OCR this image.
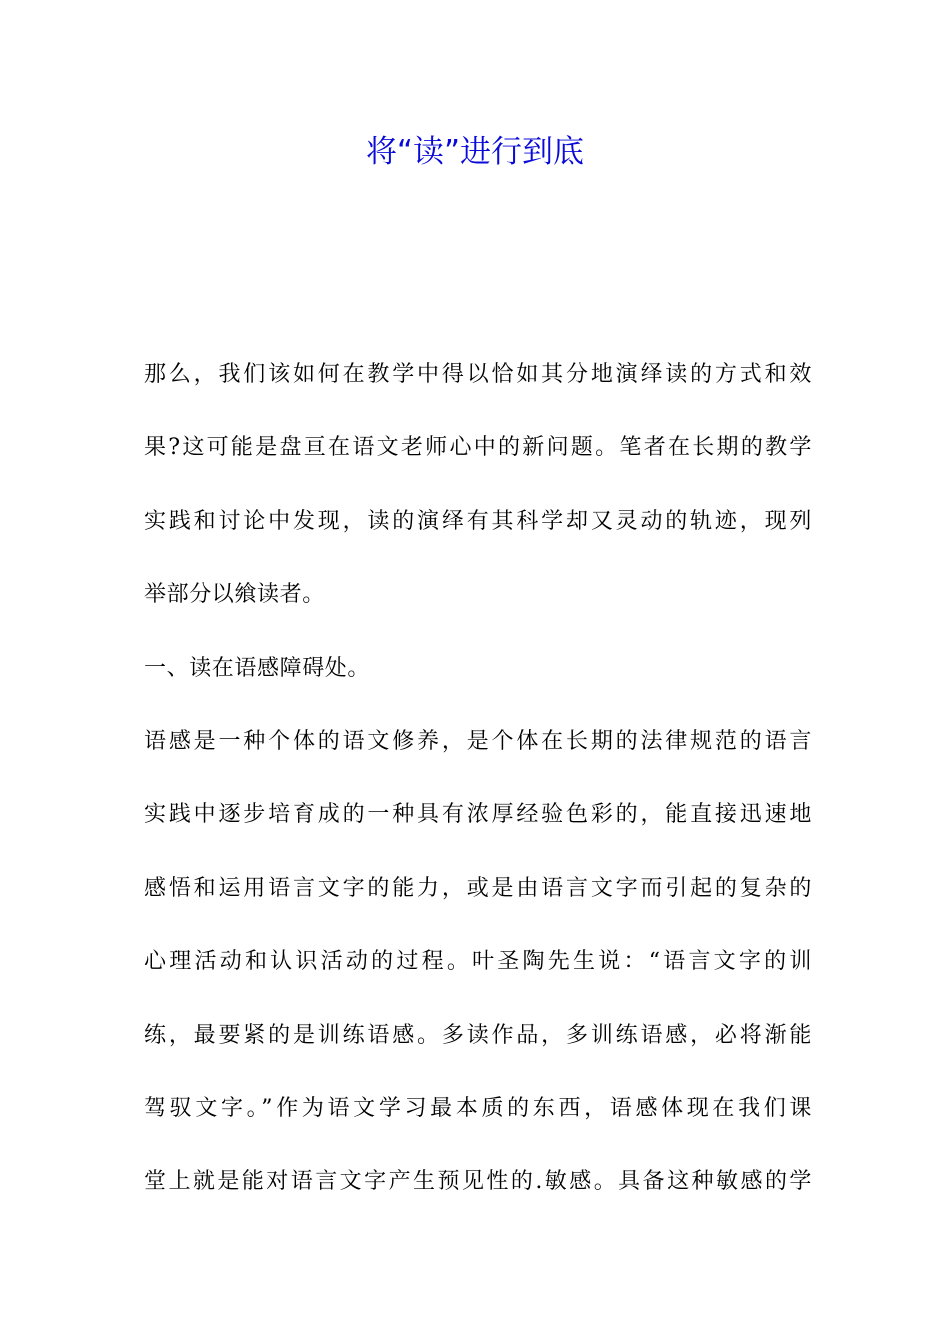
将“读”进行到底
那么，我们该如何在教学中得以恰如其分地演绎读的方式和效
果?这可能是盘亘在语文老师心中的新问题。笔者在长期的教学
实践和讨论中发现，读的演绎有其科学却又灵动的轨迹，现列
举部分以飨读者。
一、读在语感障碍处。
语感是一种个体的语文修养，是个体在长期的法律规范的语言
实践中逐步培育成的一种具有浓厚经验色彩的，能直接迅速地
感悟和运用语言文字的能力，或是由语言文字而引起的复杂的
心理活动和认识活动的过程。叶圣陶先生说：“语言文字的训
练，最要紧的是训练语感。多读作品，多训练语感，必将渐能
驾驭文字。”作为语文学习最本质的东西，语感体现在我们课
堂上就是能对语言文字产生预见性的.敏感。具备这种敏感的学
